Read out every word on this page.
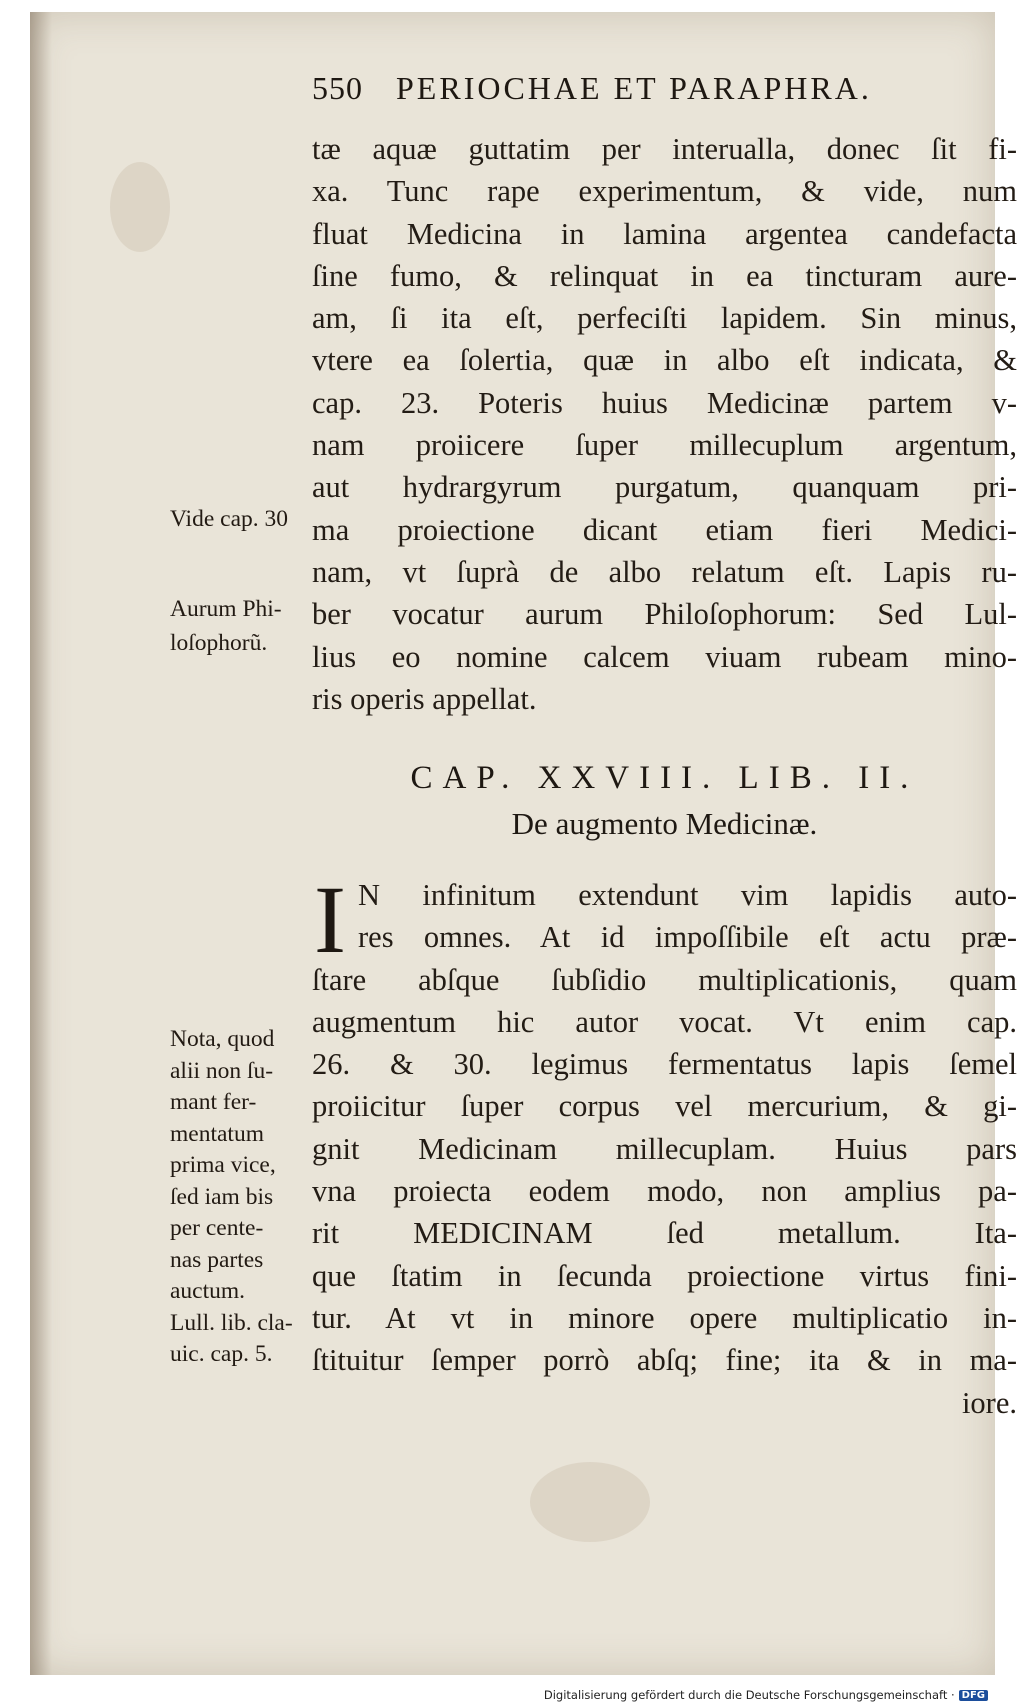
550 PERIOCHAE ET PARAPHRA.
tæ aquæ guttatim per interualla, donec ſit fi-
xa. Tunc rape experimentum, & vide, num
fluat Medicina in lamina argentea candefacta
ſine fumo, & relinquat in ea tincturam aure-
am, ſi ita eſt, perfeciſti lapidem. Sin minus,
vtere ea ſolertia, quæ in albo eſt indicata, &
cap. 23. Poteris huius Medicinæ partem v-
nam proiicere ſuper millecuplum argentum,
aut hydrargyrum purgatum, quanquam pri-
ma proiectione dicant etiam fieri Medici-
nam, vt ſuprà de albo relatum eſt. Lapis ru-
ber vocatur aurum Philoſophorum: Sed Lul-
lius eo nomine calcem viuam rubeam mino-
ris operis appellat.
Vide cap. 30
Aurum Phi-
loſophorũ.
CAP. XXVIII. LIB. II.
De augmento Medicinæ.
I N infinitum extendunt vim lapidis auto-
res omnes. At id impoſſibile eſt actu præ-
ſtare abſque ſubſidio multiplicationis, quam
augmentum hic autor vocat. Vt enim cap.
26. & 30. legimus fermentatus lapis ſemel
proiicitur ſuper corpus vel mercurium, & gi-
gnit Medicinam millecuplam. Huius pars
vna proiecta eodem modo, non amplius pa-
rit MEDICINAM ſed metallum. Ita-
que ſtatim in ſecunda proiectione virtus fini-
tur. At vt in minore opere multiplicatio in-
ſtituitur ſemper porrò abſq; fine; ita & in ma-
iore.
Nota, quod
alii non ſu-
mant fer-
mentatum
prima vice,
ſed iam bis
per cente-
nas partes
auctum.
Lull. lib. cla-
uic. cap. 5.
Digitalisierung gefördert durch die Deutsche Forschungsgemeinschaft · DFG
